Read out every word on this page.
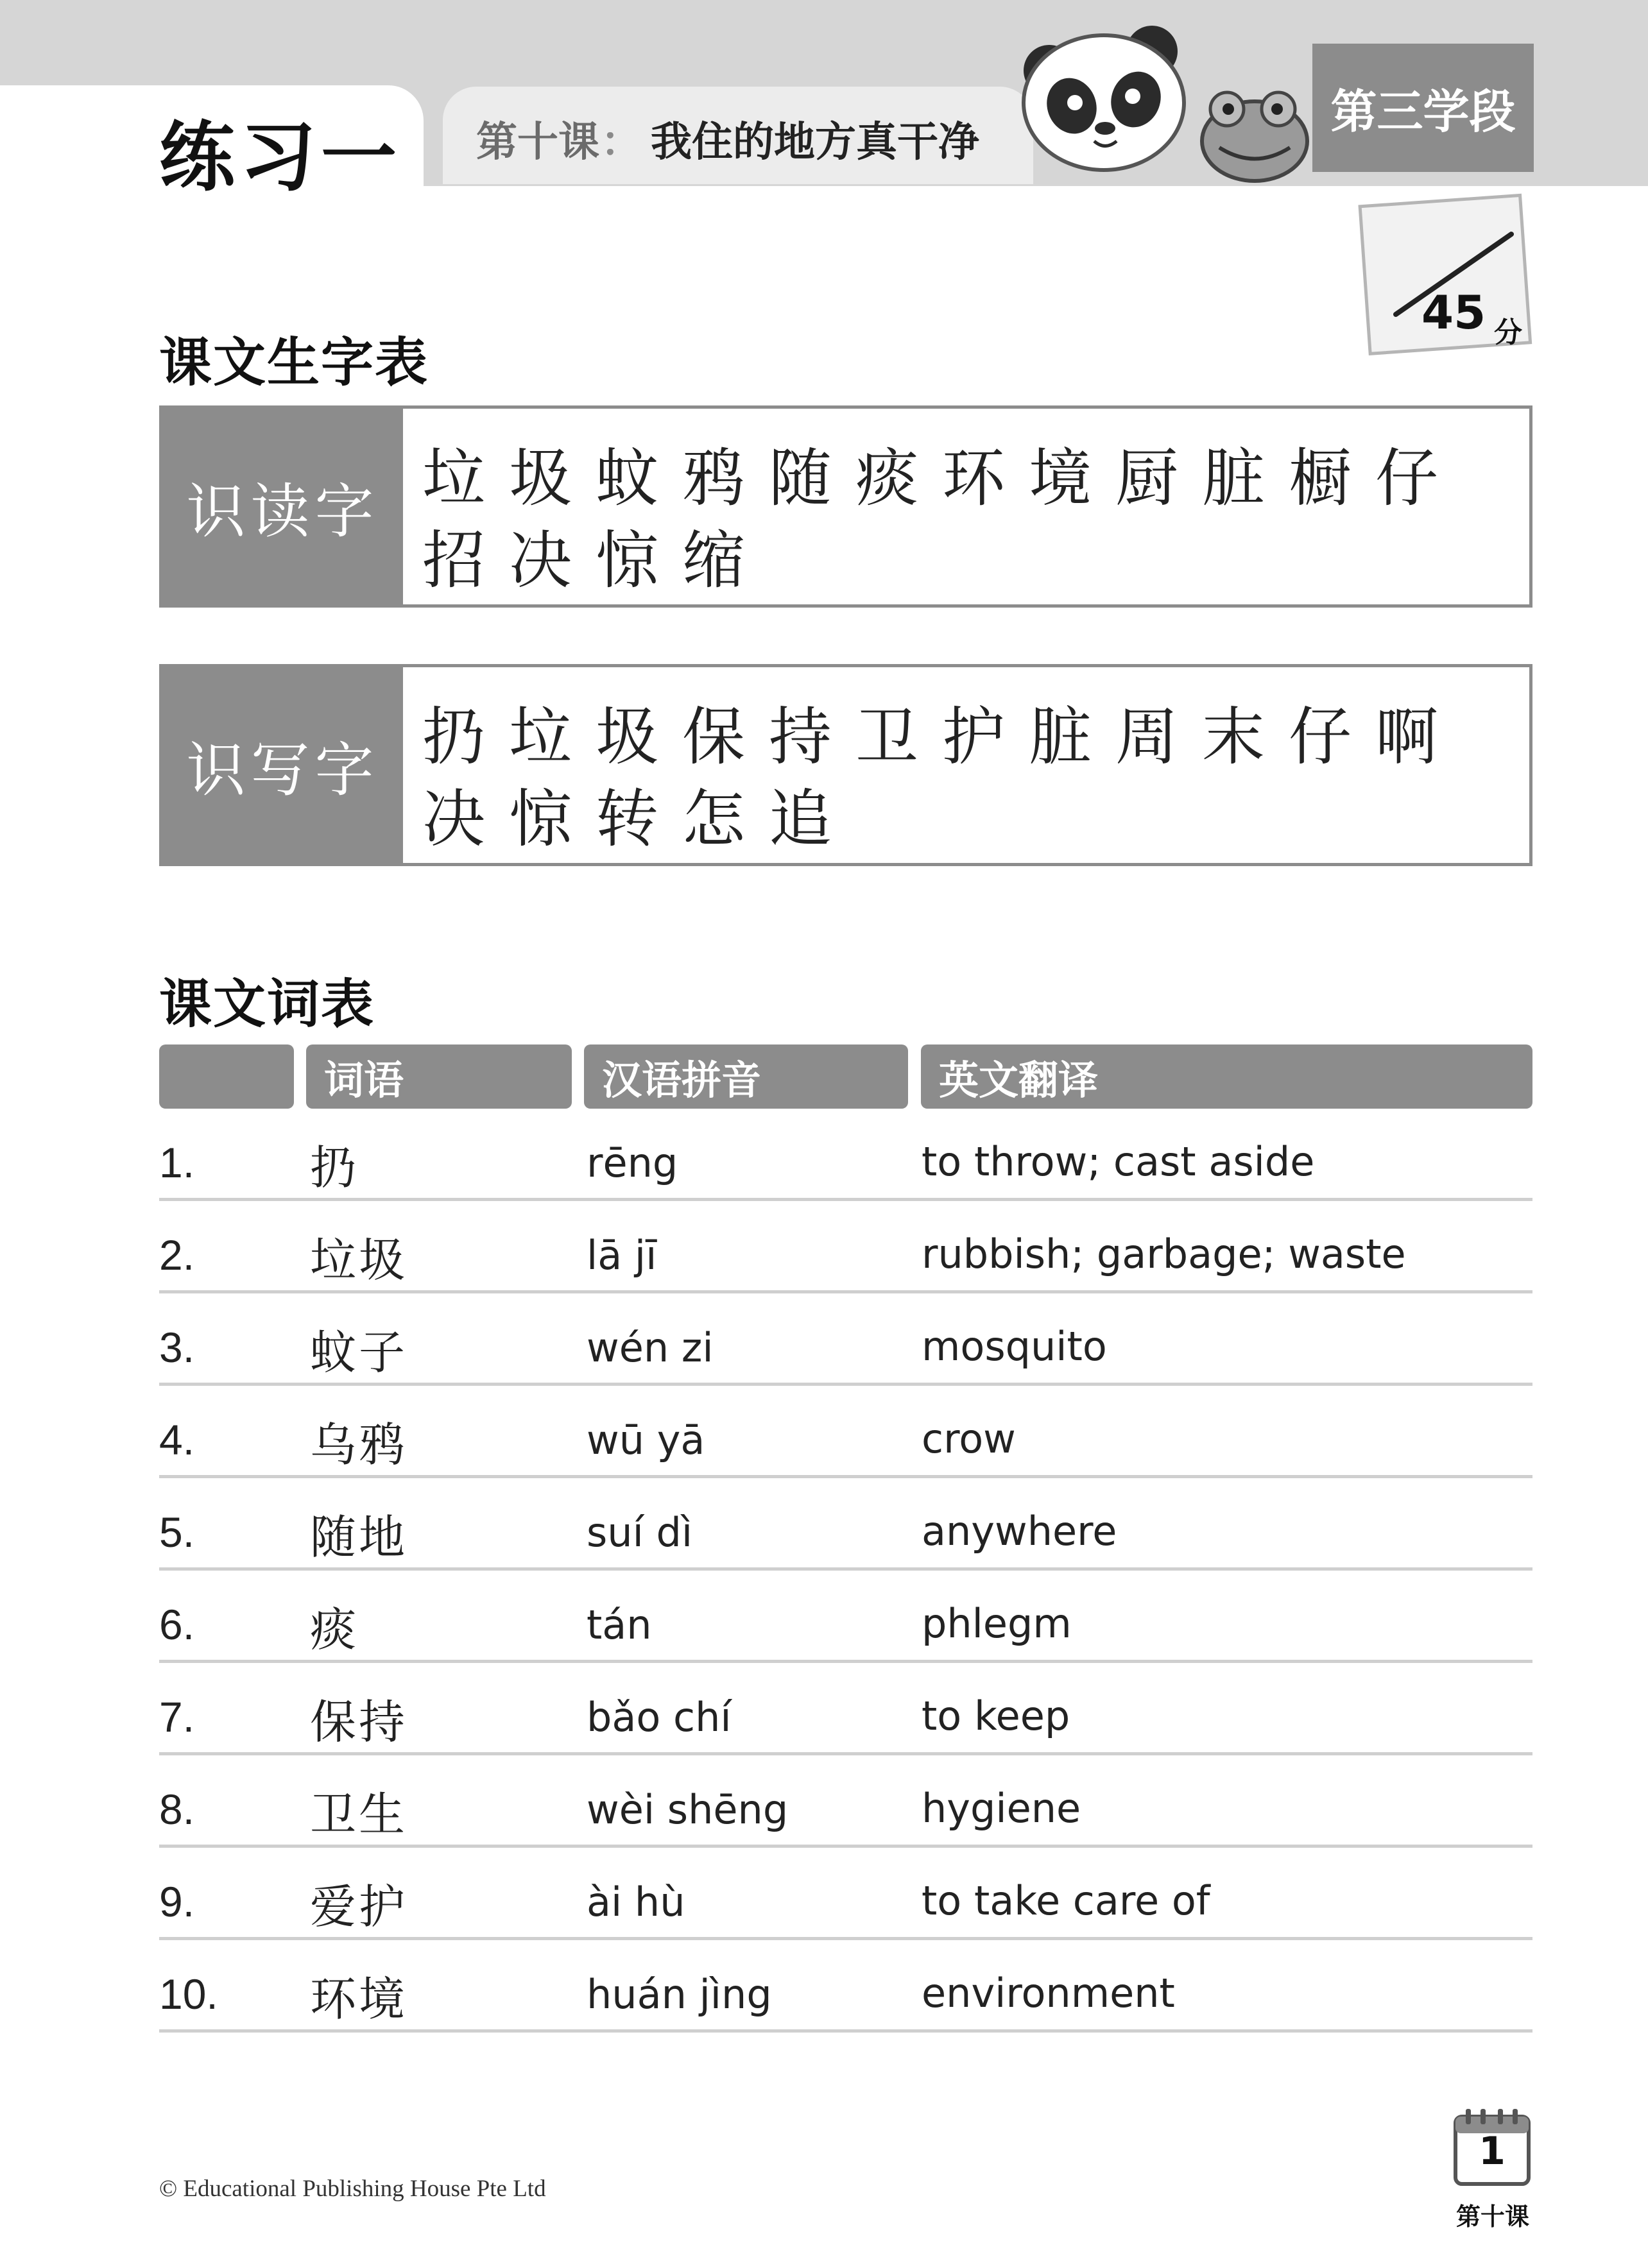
练习一 第十课： 我住的地方真干净
第三学段
45 分
课文生字表
识读字 垃圾蚊鸦随痰环境厨脏橱仔
招决惊缩
识写字 扔垃圾保持卫护脏周末仔啊
决惊转怎追
课文词表
词语	汉语拼音	英文翻译
1. 扔	rēng	to throw; cast aside
2. 垃圾	lā jī	rubbish; garbage; waste
3. 蚊子	wén zi	mosquito
4. 乌鸦	wū yā	crow
5. 随地	suí dì	anywhere
6. 痰	tán	phlegm
7. 保持	bǎo chí	to keep
8. 卫生	wèi shēng	hygiene
9. 爱护	ài hù	to take care of
10. 环境	huán jìng	environment
© Educational Publishing House Pte Ltd
1
第十课
